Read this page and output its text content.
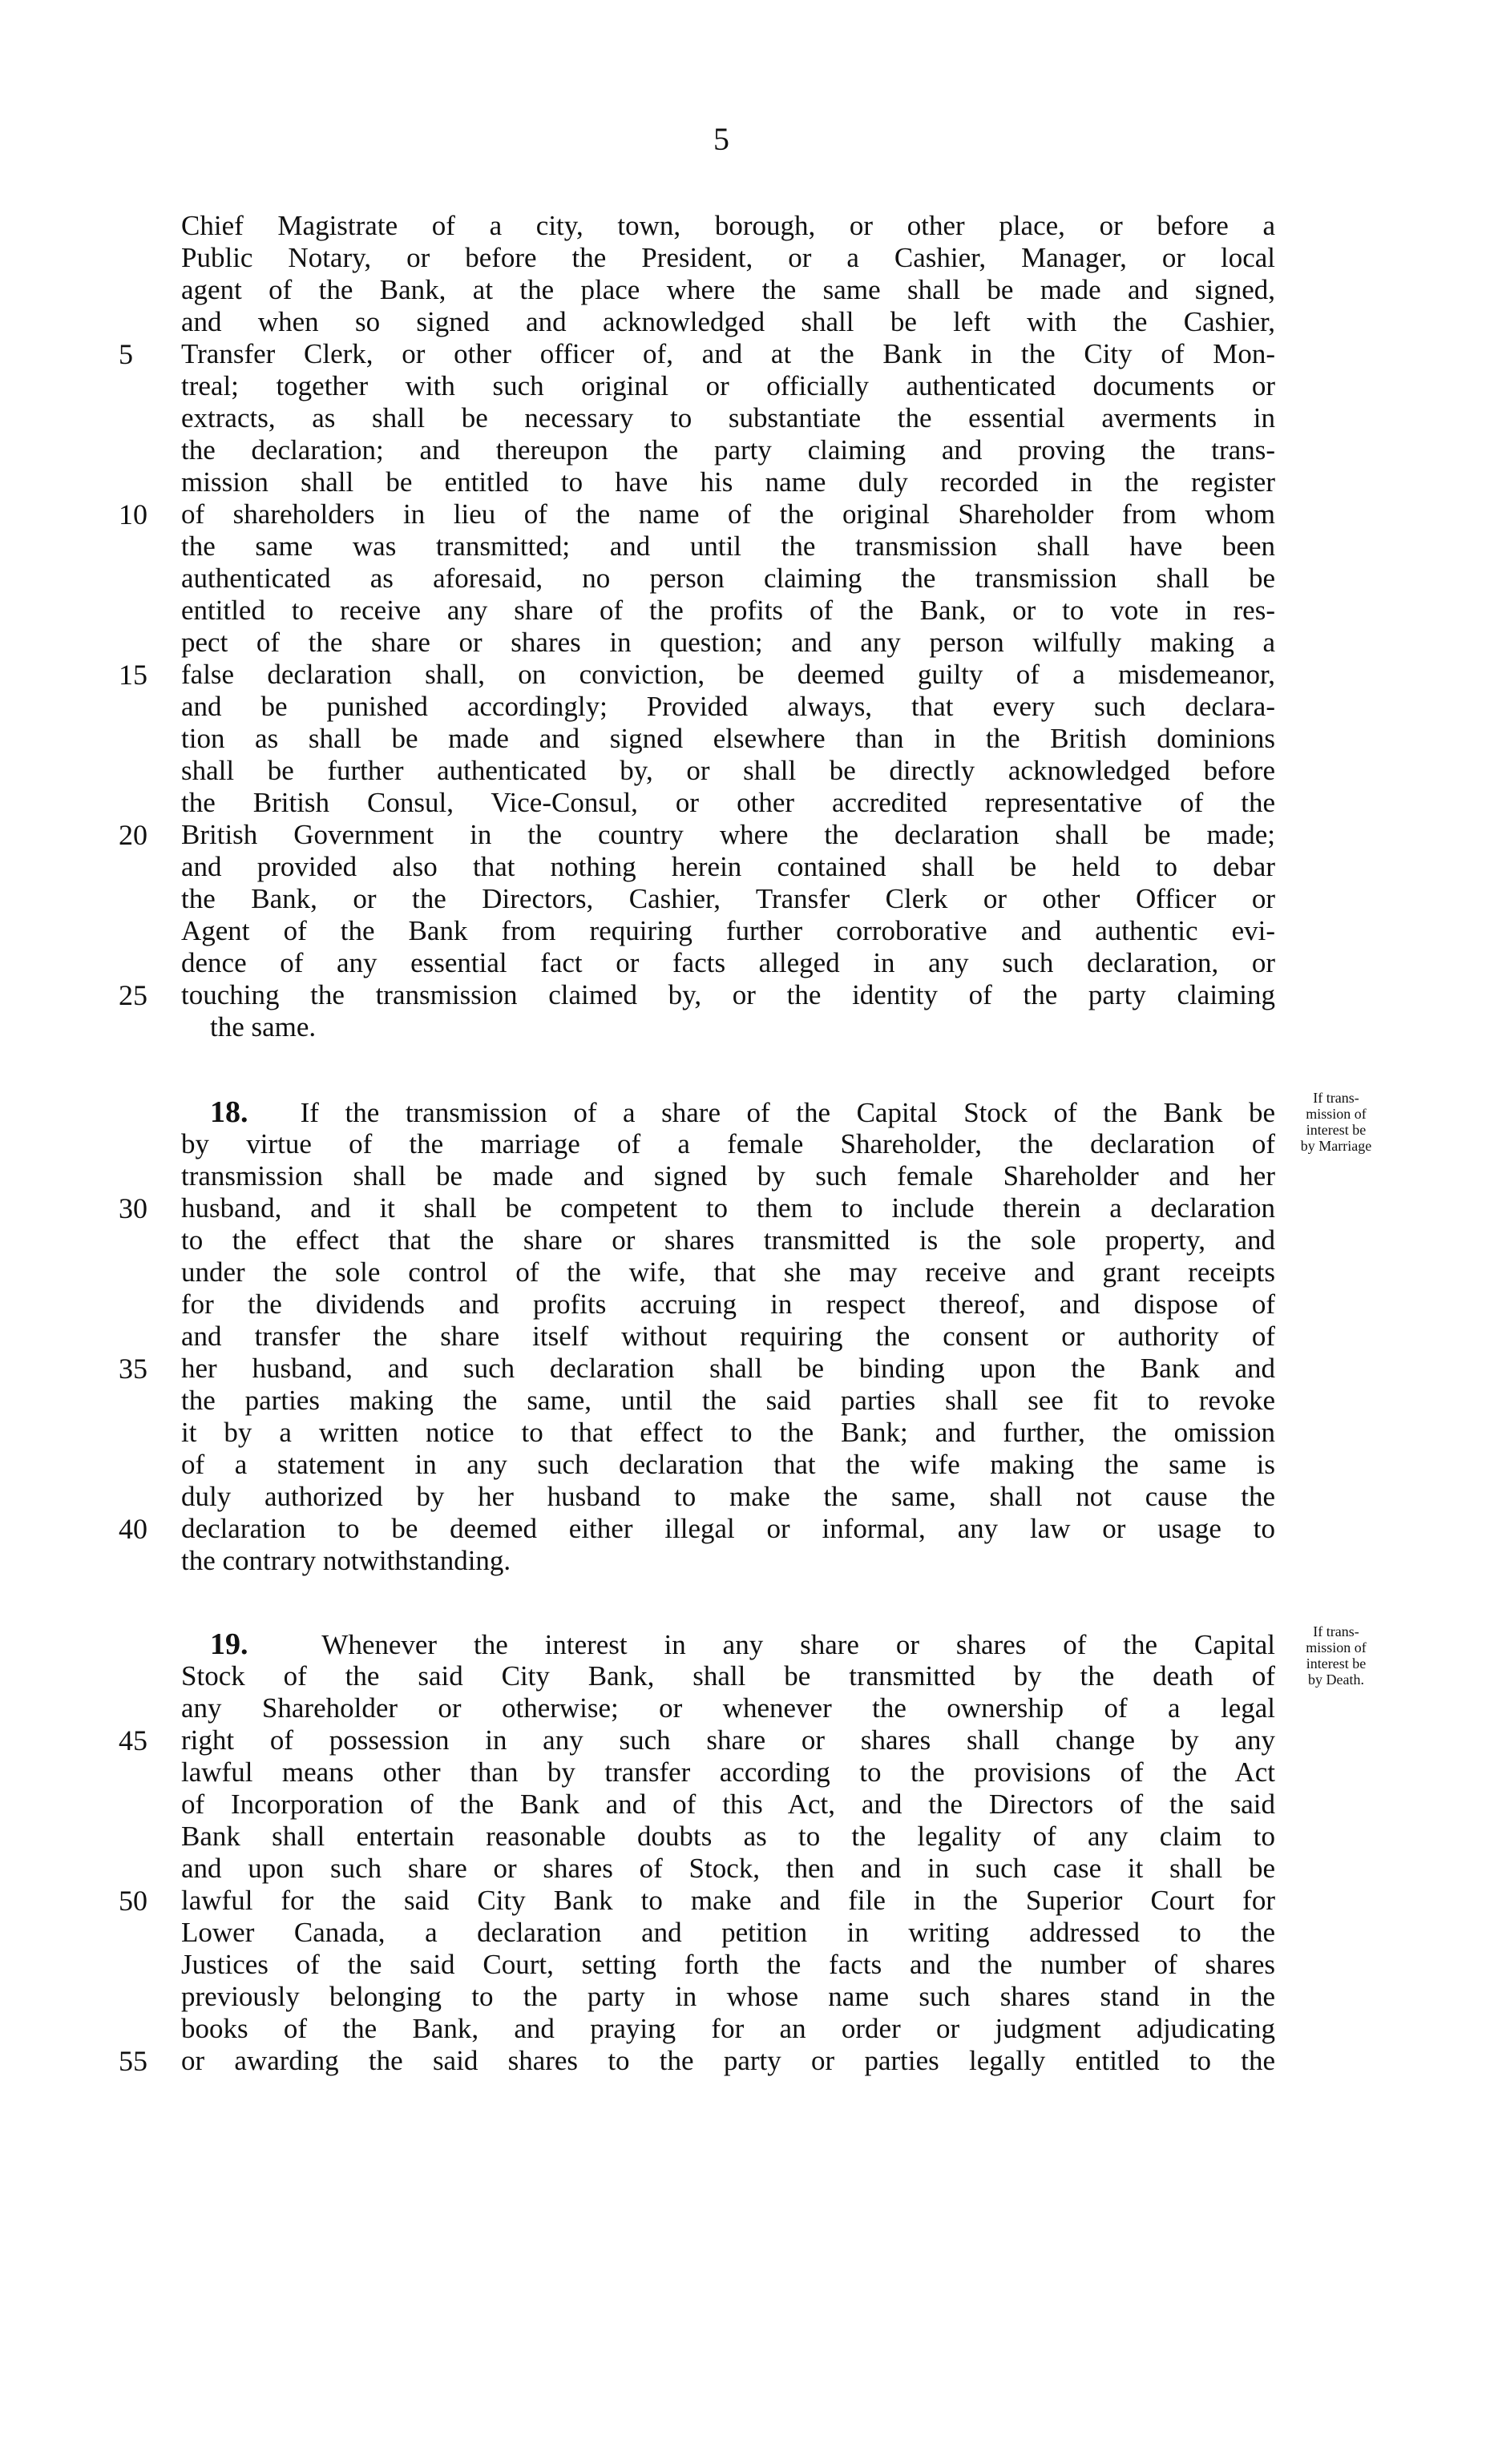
5
Chief Magistrate of a city, town, borough, or other place, or before a
Public Notary, or before the President, or a Cashier, Manager, or local
agent of the Bank, at the place where the same shall be made and signed,
and when so signed and acknowledged shall be left with the Cashier,
5	Transfer Clerk, or other officer of, and at the Bank in the City of Mon-
treal; together with such original or officially authenticated documents or
extracts, as shall be necessary to substantiate the essential averments in
the declaration; and thereupon the party claiming and proving the trans-
mission shall be entitled to have his name duly recorded in the register
10	of shareholders in lieu of the name of the original Shareholder from whom
the same was transmitted; and until the transmission shall have been
authenticated as aforesaid, no person claiming the transmission shall be
entitled to receive any share of the profits of the Bank, or to vote in res-
pect of the share or shares in question; and any person wilfully making a
15	false declaration shall, on conviction, be deemed guilty of a misdemeanor,
and be punished accordingly; Provided always, that every such declara-
tion as shall be made and signed elsewhere than in the British dominions
shall be further authenticated by, or shall be directly acknowledged before
the British Consul, Vice-Consul, or other accredited representative of the
20	British Government in the country where the declaration shall be made;
and provided also that nothing herein contained shall be held to debar
the Bank, or the Directors, Cashier, Transfer Clerk or other Officer or
Agent of the Bank from requiring further corroborative and authentic evi-
dence of any essential fact or facts alleged in any such declaration, or
25	touching the transmission claimed by, or the identity of the party claiming
the same.
18. If the transmission of a share of the Capital Stock of the Bank be
by virtue of the marriage of a female Shareholder, the declaration of
transmission shall be made and signed by such female Shareholder and her
30	husband, and it shall be competent to them to include therein a declaration
to the effect that the share or shares transmitted is the sole property, and
under the sole control of the wife, that she may receive and grant receipts
for the dividends and profits accruing in respect thereof, and dispose of
and transfer the share itself without requiring the consent or authority of
35	her husband, and such declaration shall be binding upon the Bank and
the parties making the same, until the said parties shall see fit to revoke
it by a written notice to that effect to the Bank; and further, the omission
of a statement in any such declaration that the wife making the same is
duly authorized by her husband to make the same, shall not cause the
40	declaration to be deemed either illegal or informal, any law or usage to
the contrary notwithstanding.
If trans-
mission of
interest be
by Marriage
19.	Whenever the interest in any share or shares of the Capital
Stock of the said City Bank, shall be transmitted by the death of
any Shareholder or otherwise; or whenever the ownership of a legal
45	right of possession in any such share or shares shall change by any
lawful means other than by transfer according to the provisions of the Act
of Incorporation of the Bank and of this Act, and the Directors of the said
Bank shall entertain reasonable doubts as to the legality of any claim to
and upon such share or shares of Stock, then and in such case it shall be
50	lawful for the said City Bank to make and file in the Superior Court for
Lower Canada, a declaration and petition in writing addressed to the
Justices of the said Court, setting forth the facts and the number of shares
previously belonging to the party in whose name such shares stand in the
books of the Bank, and praying for an order or judgment adjudicating
55	or awarding the said shares to the party or parties legally entitled to the
If trans-
mission of
interest be
by Death.
